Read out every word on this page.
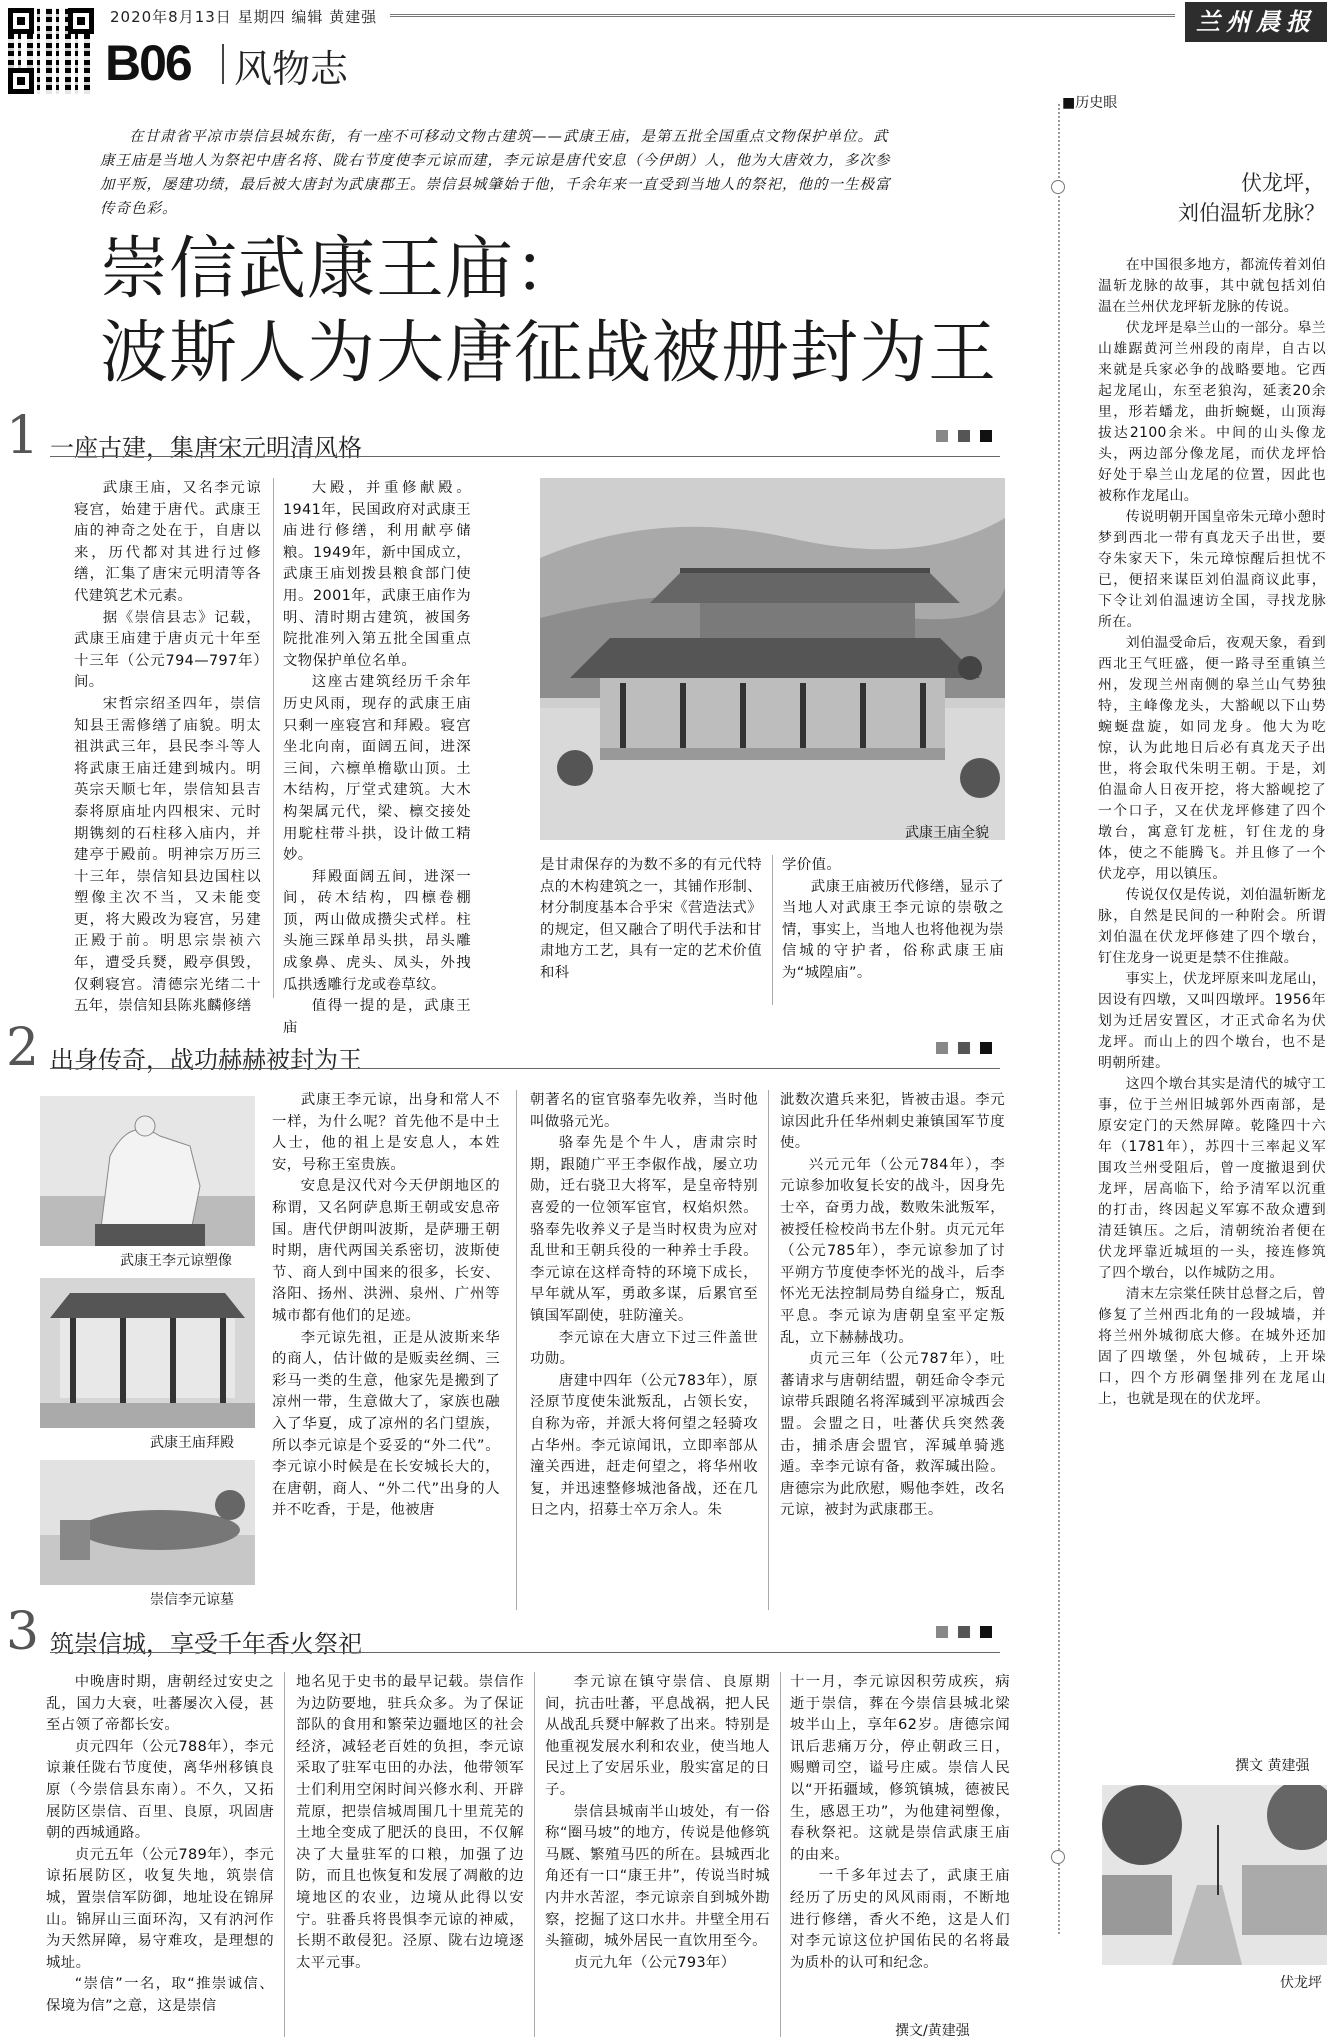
2020年8月13日 星期四 编辑 黄建强	兰州晨报
B06 风物志
在甘肃省平凉市崇信县城东街，有一座不可移动文物古建筑——武康王庙，是第五批全国重点文物保护单位。武康王庙是当地人为祭祀中唐名将、陇右节度使李元谅而建，李元谅是唐代安息（今伊朗）人，他为大唐效力，多次参加平叛，屡建功绩，最后被大唐封为武康郡王。崇信县城肇始于他，千余年来一直受到当地人的祭祀，他的一生极富传奇色彩。
崇信武康王庙：
波斯人为大唐征战被册封为王
1 一座古建，集唐宋元明清风格

武康王庙，又名李元谅寝宫，始建于唐代。武康王庙的神奇之处在于，自唐以来，历代都对其进行过修缮，汇集了唐宋元明清等各代建筑艺术元素。

据《崇信县志》记载，武康王庙建于唐贞元十年至十三年（公元794—797年）间。

宋哲宗绍圣四年，崇信知县王需修缮了庙貌。明太祖洪武三年，县民李斗等人将武康王庙迁建到城内。明英宗天顺七年，崇信知县吉泰将原庙址内四根宋、元时期镌刻的石柱移入庙内，并建亭于殿前。明神宗万历三十三年，崇信知县边国柱以塑像主次不当，又未能变更，将大殿改为寝宫，另建正殿于前。明思宗崇祯六年，遭受兵燹，殿亭俱毁，仅剩寝宫。清德宗光绪二十五年，崇信知县陈兆麟修缮

大殿，并重修献殿。1941年，民国政府对武康王庙进行修缮，利用献亭储粮。1949年，新中国成立，武康王庙划拨县粮食部门使用。2001年，武康王庙作为明、清时期古建筑，被国务院批准列入第五批全国重点文物保护单位名单。

这座古建筑经历千余年历史风雨，现存的武康王庙只剩一座寝宫和拜殿。寝宫坐北向南，面阔五间，进深三间，六檩单檐歇山顶。土木结构，厅堂式建筑。大木构架属元代，梁、檩交接处用駝柱带斗拱，设计做工精妙。

拜殿面阔五间，进深一间，砖木结构，四檩卷棚顶，两山做成攒尖式样。柱头施三踩单昂头拱，昂头雕成象鼻、虎头、凤头，外拽瓜拱透雕行龙或卷草纹。

值得一提的是，武康王庙

武康王庙全貌

是甘肃保存的为数不多的有元代特点的木构建筑之一，其铺作形制、材分制度基本合乎宋《营造法式》的规定，但又融合了明代手法和甘肃地方工艺，具有一定的艺术价值和科

学价值。

武康王庙被历代修缮，显示了当地人对武康王李元谅的崇敬之情，事实上，当地人也将他视为崇信城的守护者，俗称武康王庙为“城隍庙”。

2 出身传奇，战功赫赫被封为王
武康王李元谅塑像
武康王庙拜殿
崇信李元谅墓

武康王李元谅，出身和常人不一样，为什么呢？首先他不是中土人士，他的祖上是安息人，本姓安，号称王室贵族。

安息是汉代对今天伊朗地区的称谓，又名阿萨息斯王朝或安息帝国。唐代伊朗叫波斯，是萨珊王朝时期，唐代两国关系密切，波斯使节、商人到中国来的很多，长安、洛阳、扬州、洪洲、泉州、广州等城市都有他们的足迹。

李元谅先祖，正是从波斯来华的商人，估计做的是贩卖丝绸、三彩马一类的生意，他家先是搬到了凉州一带，生意做大了，家族也融入了华夏，成了凉州的名门望族，所以李元谅是个妥妥的“外二代”。李元谅小时候是在长安城长大的，在唐朝，商人、“外二代”出身的人并不吃香，于是，他被唐

朝著名的宦官骆奉先收养，当时他叫做骆元光。

骆奉先是个牛人，唐肃宗时期，跟随广平王李俶作战，屡立功勋，迁右骁卫大将军，是皇帝特别喜爱的一位领军宦官，权焰炽然。骆奉先收养义子是当时权贵为应对乱世和王朝兵役的一种养士手段。李元谅在这样奇特的环境下成长，早年就从军，勇敢多谋，后累官至镇国军副使，驻防潼关。

李元谅在大唐立下过三件盖世功勋。

唐建中四年（公元783年），原泾原节度使朱泚叛乱，占领长安，自称为帝，并派大将何望之轻骑攻占华州。李元谅闻讯，立即率部从潼关西进，赶走何望之，将华州收复，并迅速整修城池备战，还在几日之内，招募士卒万余人。朱

泚数次遣兵来犯，皆被击退。李元谅因此升任华州刺史兼镇国军节度使。

兴元元年（公元784年），李元谅参加收复长安的战斗，因身先士卒，奋勇力战，数败朱泚叛军，被授任检校尚书左仆射。贞元元年（公元785年），李元谅参加了讨平朔方节度使李怀光的战斗，后李怀光无法控制局势自缢身亡，叛乱平息。李元谅为唐朝皇室平定叛乱，立下赫赫战功。

贞元三年（公元787年），吐蕃请求与唐朝结盟，朝廷命令李元谅带兵跟随名将浑瑊到平凉城西会盟。会盟之日，吐蕃伏兵突然袭击，捕杀唐会盟官，浑瑊单骑逃遁。幸李元谅有备，救浑瑊出险。唐德宗为此欣慰，赐他李姓，改名元谅，被封为武康郡王。

3 筑崇信城，享受千年香火祭祀

中晚唐时期，唐朝经过安史之乱，国力大衰，吐蕃屡次入侵，甚至占领了帝都长安。

贞元四年（公元788年），李元谅兼任陇右节度使，离华州移镇良原（今崇信县东南）。不久，又拓展防区崇信、百里、良原，巩固唐朝的西城通路。

贞元五年（公元789年），李元谅拓展防区，收复失地，筑崇信城，置崇信军防御，地址设在锦屏山。锦屏山三面环沟，又有汭河作为天然屏障，易守难攻，是理想的城址。

“崇信”一名，取“推崇诚信、保境为信”之意，这是崇信

地名见于史书的最早记载。崇信作为边防要地，驻兵众多。为了保证部队的食用和繁荣边疆地区的社会经济，减轻老百姓的负担，李元谅采取了驻军屯田的办法，他带领军士们利用空闲时间兴修水利、开辟荒原，把崇信城周围几十里荒芜的土地全变成了肥沃的良田，不仅解决了大量驻军的口粮，加强了边防，而且也恢复和发展了凋敝的边境地区的农业，边境从此得以安宁。驻番兵将畏惧李元谅的神威，长期不敢侵犯。泾原、陇右边境逐太平元事。

李元谅在镇守崇信、良原期间，抗击吐蕃，平息战祸，把人民从战乱兵燹中解救了出来。特别是他重视发展水利和农业，使当地人民过上了安居乐业，殷实富足的日子。

崇信县城南半山坡处，有一俗称“圈马坡”的地方，传说是他修筑马厩、繁殖马匹的所在。县城西北角还有一口“康王井”，传说当时城内井水苦涩，李元谅亲自到城外勘察，挖掘了这口水井。井壁全用石头箍砌，城外居民一直饮用至今。

贞元九年（公元793年）

十一月，李元谅因积劳成疾，病逝于崇信，葬在今崇信县城北梁坡半山上，享年62岁。唐德宗闻讯后悲痛万分，停止朝政三日，赐赠司空，谥号庄威。崇信人民以“开拓疆域，修筑镇城，德被民生，感恩王功”，为他建祠塑像，春秋祭祀。这就是崇信武康王庙的由来。

一千多年过去了，武康王庙经历了历史的风风雨雨，不断地进行修缮，香火不绝，这是人们对李元谅这位护国佑民的名将最为质朴的认可和纪念。

撰文/黄建强
■历史眼
伏龙坪，
刘伯温斩龙脉？

在中国很多地方，都流传着刘伯温斩龙脉的故事，其中就包括刘伯温在兰州伏龙坪斩龙脉的传说。

伏龙坪是皋兰山的一部分。皋兰山雄踞黄河兰州段的南岸，自古以来就是兵家必争的战略要地。它西起龙尾山，东至老狼沟，延袤20余里，形若蟠龙，曲折蜿蜒，山顶海拔达2100余米。中间的山头像龙头，两边部分像龙尾，而伏龙坪恰好处于皋兰山龙尾的位置，因此也被称作龙尾山。

传说明朝开国皇帝朱元璋小憩时梦到西北一带有真龙天子出世，要夺朱家天下，朱元璋惊醒后担忧不已，便招来谋臣刘伯温商议此事，下令让刘伯温速访全国，寻找龙脉所在。

刘伯温受命后，夜观天象，看到西北王气旺盛，便一路寻至重镇兰州，发现兰州南侧的皋兰山气势独特，主峰像龙头，大豁岘以下山势蜿蜒盘旋，如同龙身。他大为吃惊，认为此地日后必有真龙天子出世，将会取代朱明王朝。于是，刘伯温命人日夜开挖，将大豁岘挖了一个口子，又在伏龙坪修建了四个墩台，寓意钉龙桩，钉住龙的身体，使之不能腾飞。并且修了一个伏龙亭，用以镇压。

传说仅仅是传说，刘伯温斩断龙脉，自然是民间的一种附会。所谓刘伯温在伏龙坪修建了四个墩台，钉住龙身一说更是禁不住推敲。

事实上，伏龙坪原来叫龙尾山，因设有四墩，又叫四墩坪。1956年划为迁居安置区，才正式命名为伏龙坪。而山上的四个墩台，也不是明朝所建。

这四个墩台其实是清代的城守工事，位于兰州旧城郭外西南部，是原安定门的天然屏障。乾隆四十六年（1781年），苏四十三率起义军围攻兰州受阻后，曾一度撤退到伏龙坪，居高临下，给予清军以沉重的打击，终因起义军寡不敌众遭到清廷镇压。之后，清朝统治者便在伏龙坪靠近城垣的一头，接连修筑了四个墩台，以作城防之用。

清末左宗棠任陕甘总督之后，曾修复了兰州西北角的一段城墙，并将兰州外城彻底大修。在城外还加固了四墩堡，外包城砖，上开垛口，四个方形碉堡排列在龙尾山上，也就是现在的伏龙坪。

撰文 黄建强
伏龙坪
